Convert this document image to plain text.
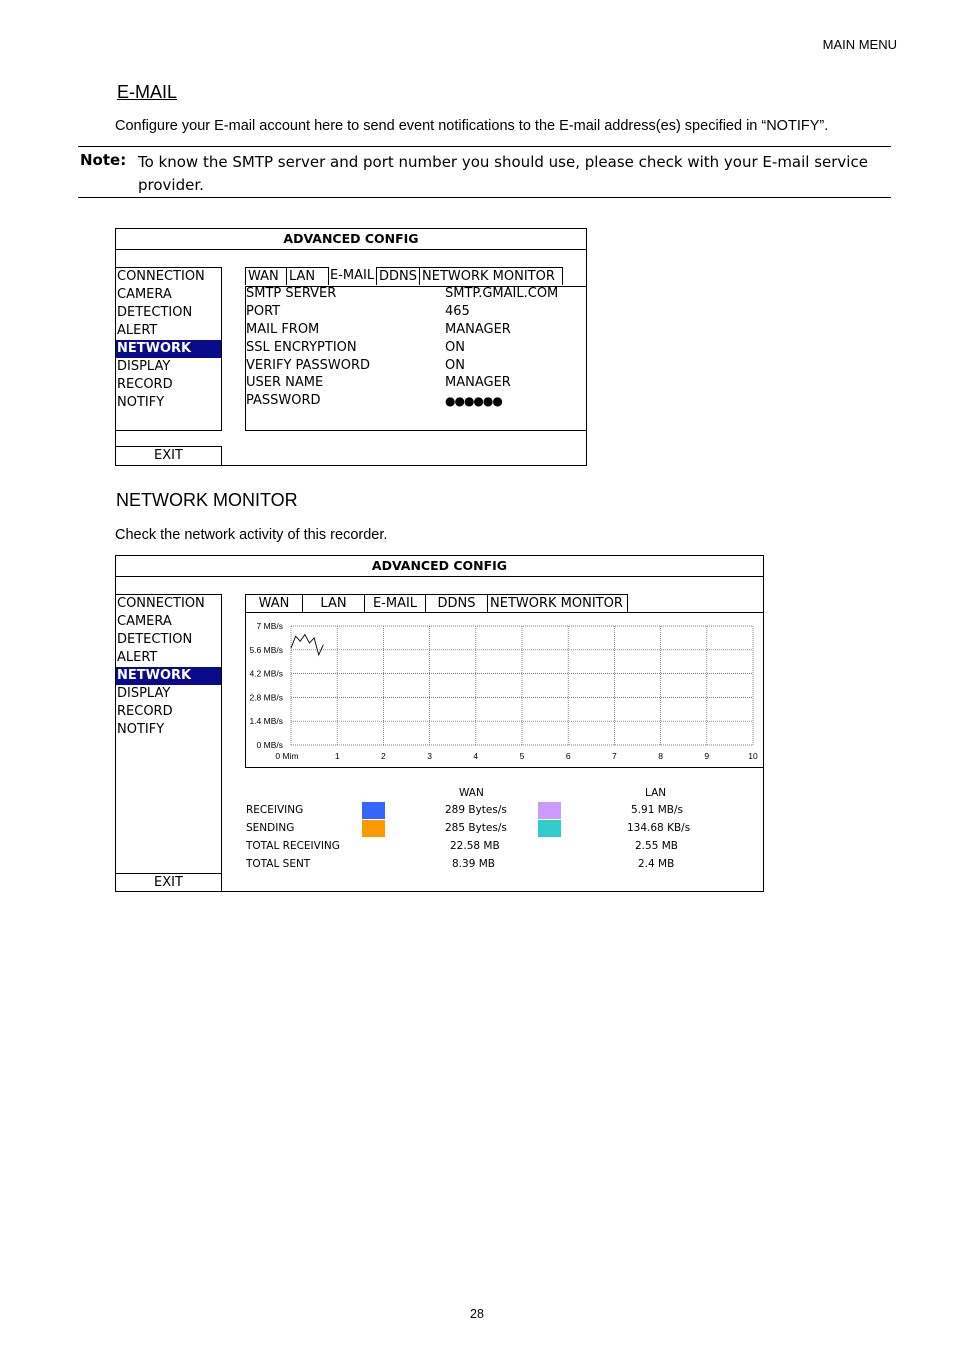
MAIN MENU
E-MAIL
Configure your E-mail account here to send event notifications to the E-mail address(es) specified in “NOTIFY”.
Note: To know the SMTP server and port number you should use, please check with your E-mail service provider.
ADVANCED CONFIG
CONNECTION
CAMERA
DETECTION
ALERT
NETWORK
DISPLAY
RECORD
NOTIFY
WAN LAN	E-MAIL DDNS NETWORK MONITOR
SMTP SERVER	SMTP.GMAIL.COM
PORT	465
MAIL FROM	MANAGER
SSL ENCRYPTION	ON
VERIFY PASSWORD	ON
USER NAME	MANAGER
PASSWORD	●●●●●●
EXIT
NETWORK MONITOR
Check the network activity of this recorder.
ADVANCED CONFIG
CONNECTION
CAMERA
DETECTION
ALERT
NETWORK
DISPLAY
RECORD
NOTIFY
WAN	LAN	E-MAIL	DDNS	NETWORK MONITOR
7 MB/s
5.6 MB/s
4.2 MB/s
2.8 MB/s
1.4 MB/s
0 MB/s
0 Mim	1	2	3	4	5	6	7	8	9	10
WAN	LAN
RECEIVING	289 Bytes/s	5.91 MB/s
SENDING	285 Bytes/s	134.68 KB/s
TOTAL RECEIVING	22.58 MB	2.55 MB
TOTAL SENT	8.39 MB	2.4 MB
EXIT
28
